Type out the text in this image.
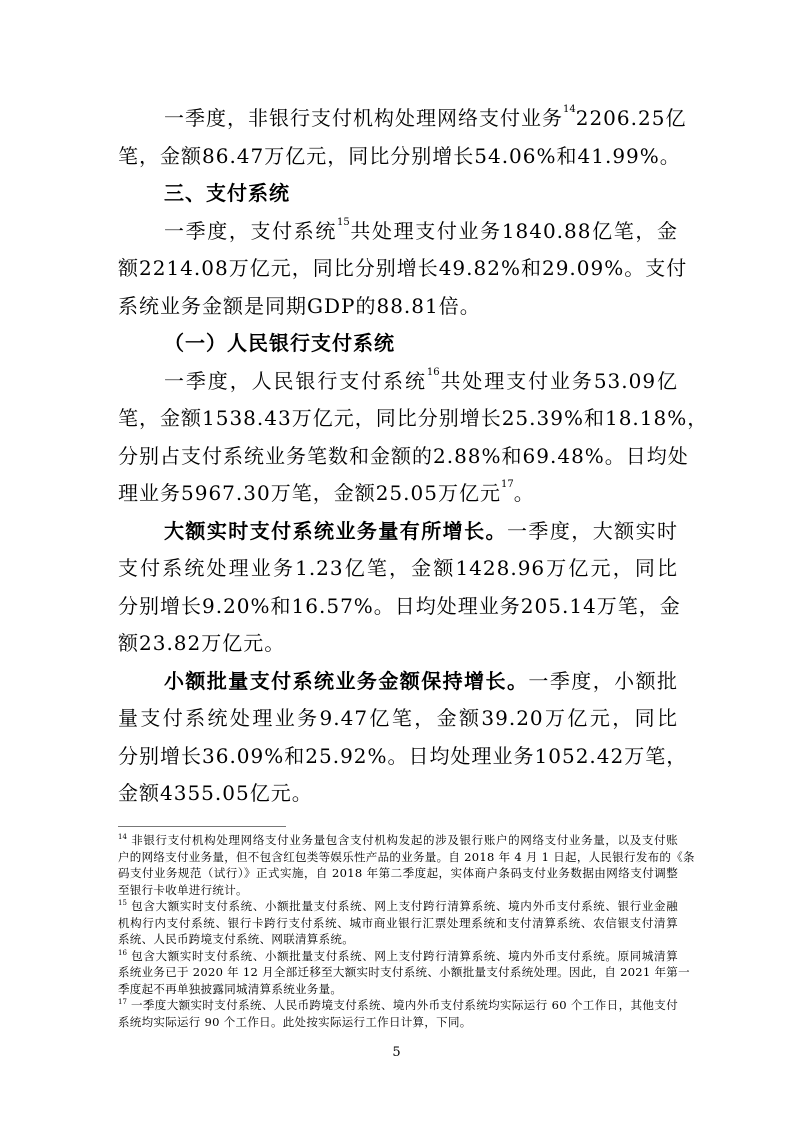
一季度，非银行支付机构处理网络支付业务$^{14}$2206.25亿
笔，金额86.47万亿元，同比分别增长54.06%和41.99%。
三、支付系统
一季度，支付系统$^{15}$共处理支付业务1840.88亿笔，金
额2214.08万亿元，同比分别增长49.82%和29.09%。支付
系统业务金额是同期GDP的88.81倍。
（一）人民银行支付系统
一季度，人民银行支付系统$^{16}$共处理支付业务53.09亿
笔，金额1538.43万亿元，同比分别增长25.39%和18.18%，
分别占支付系统业务笔数和金额的2.88%和69.48%。日均处
理业务5967.30万笔，金额25.05万亿元$^{17}$。
大额实时支付系统业务量有所增长。一季度，大额实时
支付系统处理业务1.23亿笔，金额1428.96万亿元，同比
分别增长9.20%和16.57%。日均处理业务205.14万笔，金
额23.82万亿元。
小额批量支付系统业务金额保持增长。一季度，小额批
量支付系统处理业务9.47亿笔，金额39.20万亿元，同比
分别增长36.09%和25.92%。日均处理业务1052.42万笔，
金额4355.05亿元。
$^{14}$ 非银行支付机构处理网络支付业务量包含支付机构发起的涉及银行账户的网络支付业务量，以及支付账
户的网络支付业务量，但不包含红包类等娱乐性产品的业务量。自 2018 年 4 月 1 日起，人民银行发布的《条
码支付业务规范（试行）》正式实施，自 2018 年第二季度起，实体商户条码支付业务数据由网络支付调整
至银行卡收单进行统计。
$^{15}$ 包含大额实时支付系统、小额批量支付系统、网上支付跨行清算系统、境内外币支付系统、银行业金融
机构行内支付系统、银行卡跨行支付系统、城市商业银行汇票处理系统和支付清算系统、农信银支付清算
系统、人民币跨境支付系统、网联清算系统。
$^{16}$ 包含大额实时支付系统、小额批量支付系统、网上支付跨行清算系统、境内外币支付系统。原同城清算
系统业务已于 2020 年 12 月全部迁移至大额实时支付系统、小额批量支付系统处理。因此，自 2021 年第一
季度起不再单独披露同城清算系统业务量。
$^{17}$ 一季度大额实时支付系统、人民币跨境支付系统、境内外币支付系统均实际运行 60 个工作日，其他支付
系统均实际运行 90 个工作日。此处按实际运行工作日计算，下同。
5
